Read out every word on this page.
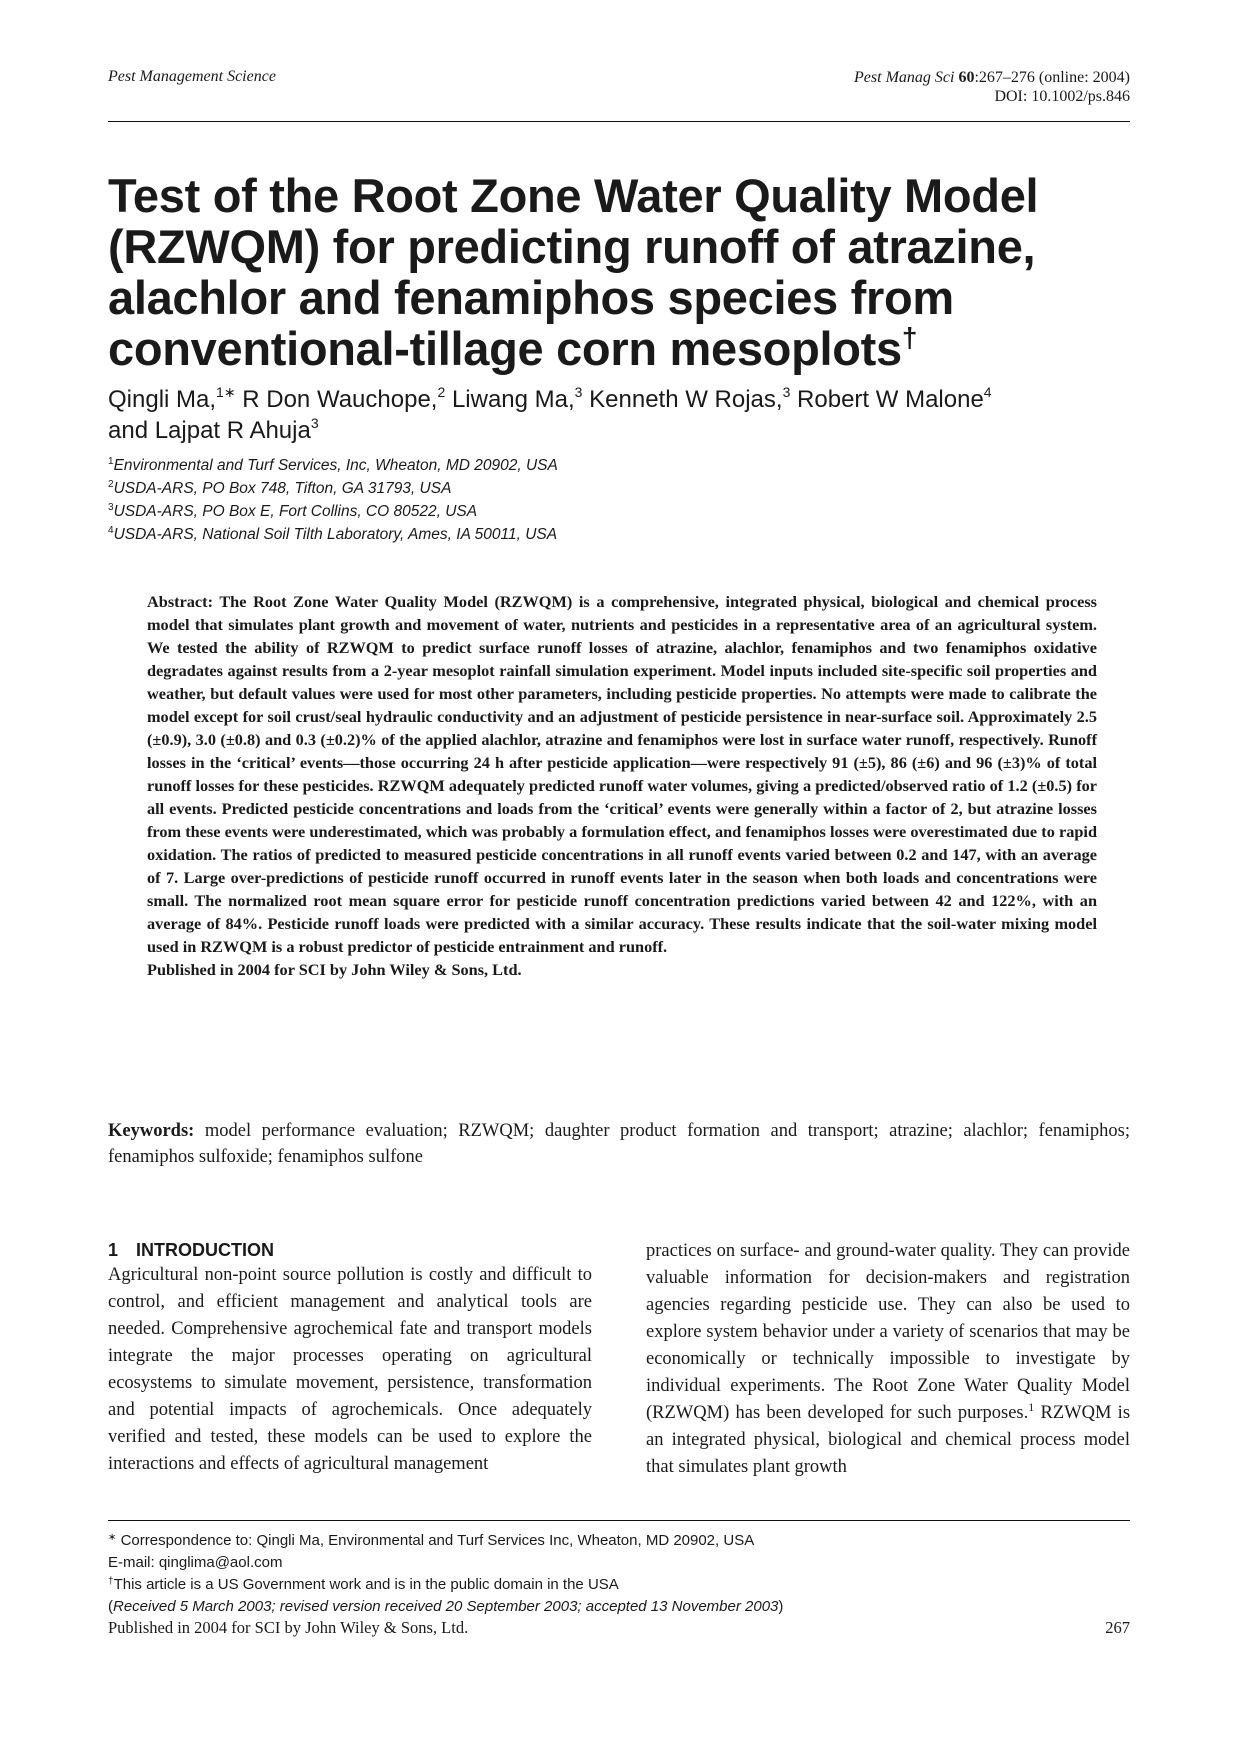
Pest Management Science	Pest Manag Sci 60:267–276 (online: 2004)
DOI: 10.1002/ps.846
Test of the Root Zone Water Quality Model (RZWQM) for predicting runoff of atrazine, alachlor and fenamiphos species from conventional-tillage corn mesoplots†
Qingli Ma,$^{1∗}$ R Don Wauchope,$^2$ Liwang Ma,$^3$ Kenneth W Rojas,$^3$ Robert W Malone$^4$
and Lajpat R Ahuja$^3$
$^1$Environmental and Turf Services, Inc, Wheaton, MD 20902, USA
$^2$USDA-ARS, PO Box 748, Tifton, GA 31793, USA
$^3$USDA-ARS, PO Box E, Fort Collins, CO 80522, USA
$^4$USDA-ARS, National Soil Tilth Laboratory, Ames, IA 50011, USA

Abstract: The Root Zone Water Quality Model (RZWQM) is a comprehensive, integrated physical, biological and chemical process model that simulates plant growth and movement of water, nutrients and pesticides in a representative area of an agricultural system. We tested the ability of RZWQM to predict surface runoff losses of atrazine, alachlor, fenamiphos and two fenamiphos oxidative degradates against results from a 2-year mesoplot rainfall simulation experiment. Model inputs included site-specific soil properties and weather, but default values were used for most other parameters, including pesticide properties. No attempts were made to calibrate the model except for soil crust/seal hydraulic conductivity and an adjustment of pesticide persistence in near-surface soil. Approximately 2.5 (±0.9), 3.0 (±0.8) and 0.3 (±0.2)% of the applied alachlor, atrazine and fenamiphos were lost in surface water runoff, respectively. Runoff losses in the ‘critical’ events—those occurring 24 h after pesticide application—were respectively 91 (±5), 86 (±6) and 96 (±3)% of total runoff losses for these pesticides. RZWQM adequately predicted runoff water volumes, giving a predicted/observed ratio of 1.2 (±0.5) for all events. Predicted pesticide concentrations and loads from the ‘critical’ events were generally within a factor of 2, but atrazine losses from these events were underestimated, which was probably a formulation effect, and fenamiphos losses were overestimated due to rapid oxidation. The ratios of predicted to measured pesticide concentrations in all runoff events varied between 0.2 and 147, with an average of 7. Large over-predictions of pesticide runoff occurred in runoff events later in the season when both loads and concentrations were small. The normalized root mean square error for pesticide runoff concentration predictions varied between 42 and 122%, with an average of 84%. Pesticide runoff loads were predicted with a similar accuracy. These results indicate that the soil-water mixing model used in RZWQM is a robust predictor of pesticide entrainment and runoff.

Published in 2004 for SCI by John Wiley & Sons, Ltd.

Keywords: model performance evaluation; RZWQM; daughter product formation and transport; atrazine; alachlor; fenamiphos; fenamiphos sulfoxide; fenamiphos sulfone
1 INTRODUCTION

Agricultural non-point source pollution is costly and difficult to control, and efficient management and analytical tools are needed. Comprehensive agrochemical fate and transport models integrate the major processes operating on agricultural ecosystems to simulate movement, persistence, transformation and potential impacts of agrochemicals. Once adequately verified and tested, these models can be used to explore the interactions and effects of agricultural management

practices on surface- and ground-water quality. They can provide valuable information for decision-makers and registration agencies regarding pesticide use. They can also be used to explore system behavior under a variety of scenarios that may be economically or technically impossible to investigate by individual experiments. The Root Zone Water Quality Model (RZWQM) has been developed for such purposes.$^1$ RZWQM is an integrated physical, biological and chemical process model that simulates plant growth

∗ Correspondence to: Qingli Ma, Environmental and Turf Services Inc, Wheaton, MD 20902, USA
E-mail: qinglima@aol.com
†This article is a US Government work and is in the public domain in the USA
(Received 5 March 2003; revised version received 20 September 2003; accepted 13 November 2003)
Published in 2004 for SCI by John Wiley & Sons, Ltd.	267
